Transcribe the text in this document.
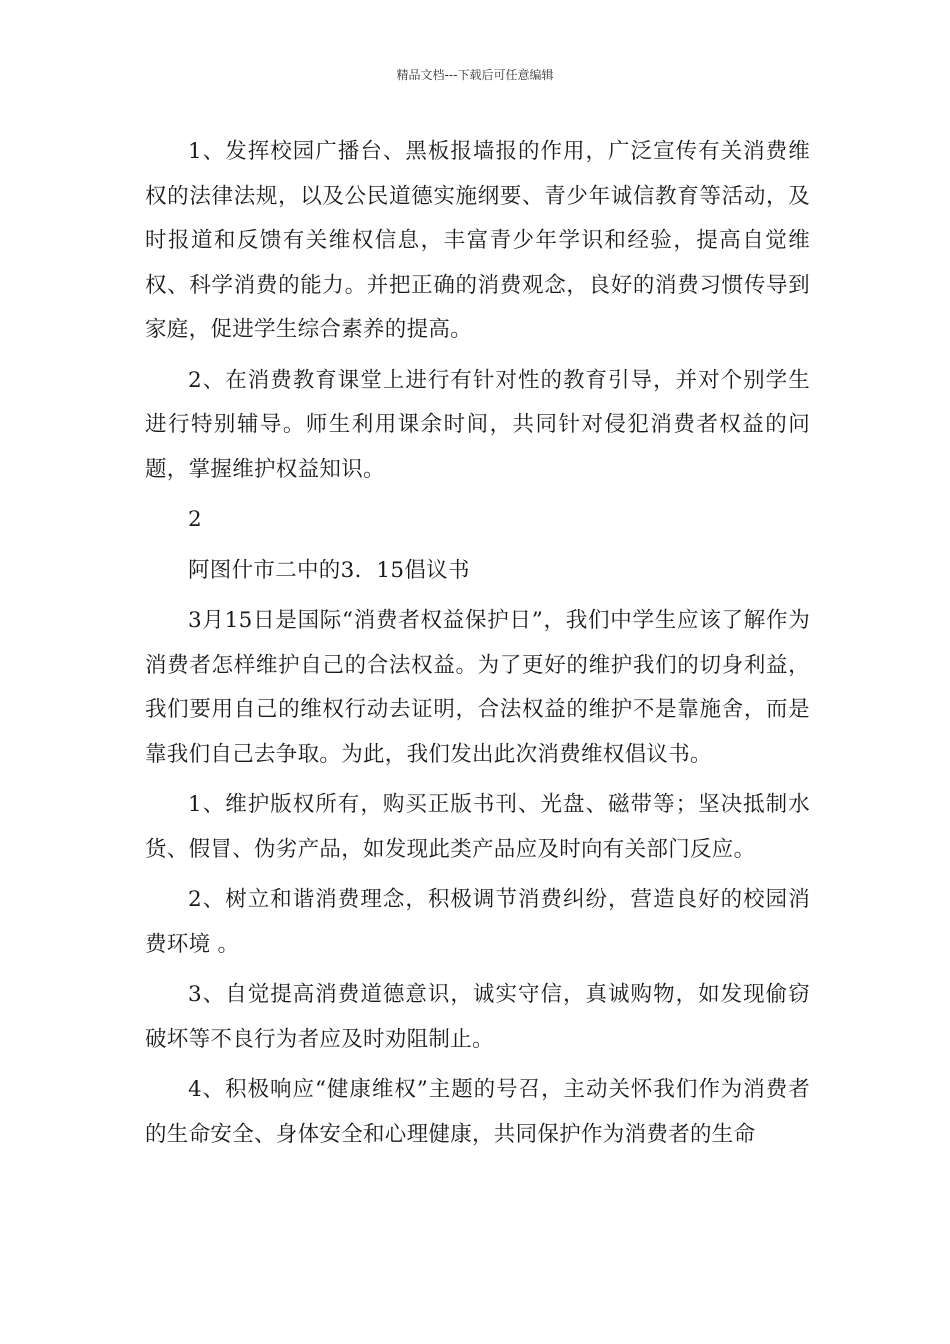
精品文档---下载后可任意编辑

1、发挥校园广播台、黑板报墙报的作用，广泛宣传有关消费维权的法律法规，以及公民道德实施纲要、青少年诚信教育等活动，及时报道和反馈有关维权信息，丰富青少年学识和经验，提高自觉维权、科学消费的能力。并把正确的消费观念，良好的消费习惯传导到家庭，促进学生综合素养的提高。

2、在消费教育课堂上进行有针对性的教育引导，并对个别学生进行特别辅导。师生利用课余时间，共同针对侵犯消费者权益的问题，掌握维护权益知识。

2

阿图什市二中的3．15倡议书

3月15日是国际“消费者权益保护日”，我们中学生应该了解作为消费者怎样维护自己的合法权益。为了更好的维护我们的切身利益，我们要用自己的维权行动去证明，合法权益的维护不是靠施舍，而是靠我们自己去争取。为此，我们发出此次消费维权倡议书。

1、维护版权所有，购买正版书刊、光盘、磁带等；坚决抵制水货、假冒、伪劣产品，如发现此类产品应及时向有关部门反应。

2、树立和谐消费理念，积极调节消费纠纷，营造良好的校园消费环境 。

3、自觉提高消费道德意识，诚实守信，真诚购物，如发现偷窃破坏等不良行为者应及时劝阻制止。

4、积极响应“健康维权”主题的号召，主动关怀我们作为消费者的生命安全、身体安全和心理健康，共同保护作为消费者的生命
